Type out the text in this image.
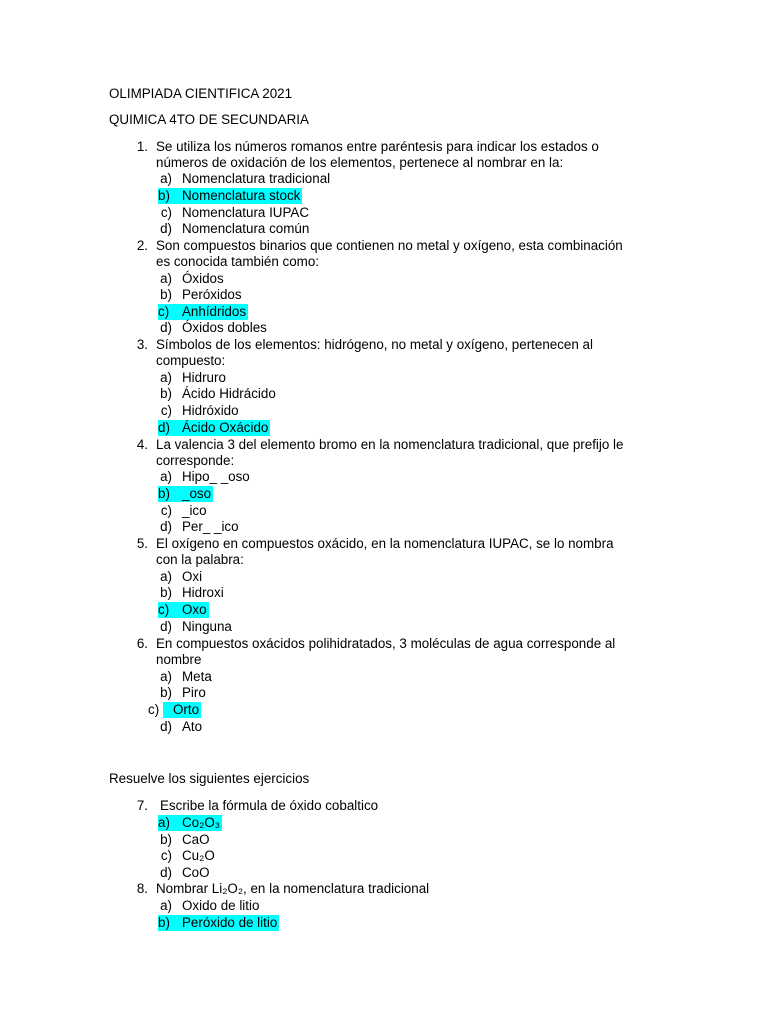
OLIMPIADA CIENTIFICA 2021
QUIMICA 4TO DE SECUNDARIA
1. Se utiliza los números romanos entre paréntesis para indicar los estados o
números de oxidación de los elementos, pertenece al nombrar en la:
a) Nomenclatura tradicional
b) Nomenclatura stock
c) Nomenclatura IUPAC
d) Nomenclatura común
2. Son compuestos binarios que contienen no metal y oxígeno, esta combinación
es conocida también como:
a) Óxidos
b) Peróxidos
c) Anhídridos
d) Óxidos dobles
3. Símbolos de los elementos: hidrógeno, no metal y oxígeno, pertenecen al
compuesto:
a) Hidruro
b) Ácido Hidrácido
c) Hidróxido
d) Ácido Oxácido
4. La valencia 3 del elemento bromo en la nomenclatura tradicional, que prefijo le
corresponde:
a) Hipo_ _oso
b) _oso
c) _ico
d) Per_ _ico
5. El oxígeno en compuestos oxácido, en la nomenclatura IUPAC, se lo nombra
con la palabra:
a) Oxi
b) Hidroxi
c) Oxo
d) Ninguna
6. En compuestos oxácidos polihidratados, 3 moléculas de agua corresponde al
nombre
a) Meta
b) Piro
c)	Orto
d) Ato
Resuelve los siguientes ejercicios
7. Escribe la fórmula de óxido cobaltico
a) Co₂O₃
b) CaO
c) Cu₂O
d) CoO
8. Nombrar Li₂O₂, en la nomenclatura tradicional
a) Oxido de litio
b) Peróxido de litio
